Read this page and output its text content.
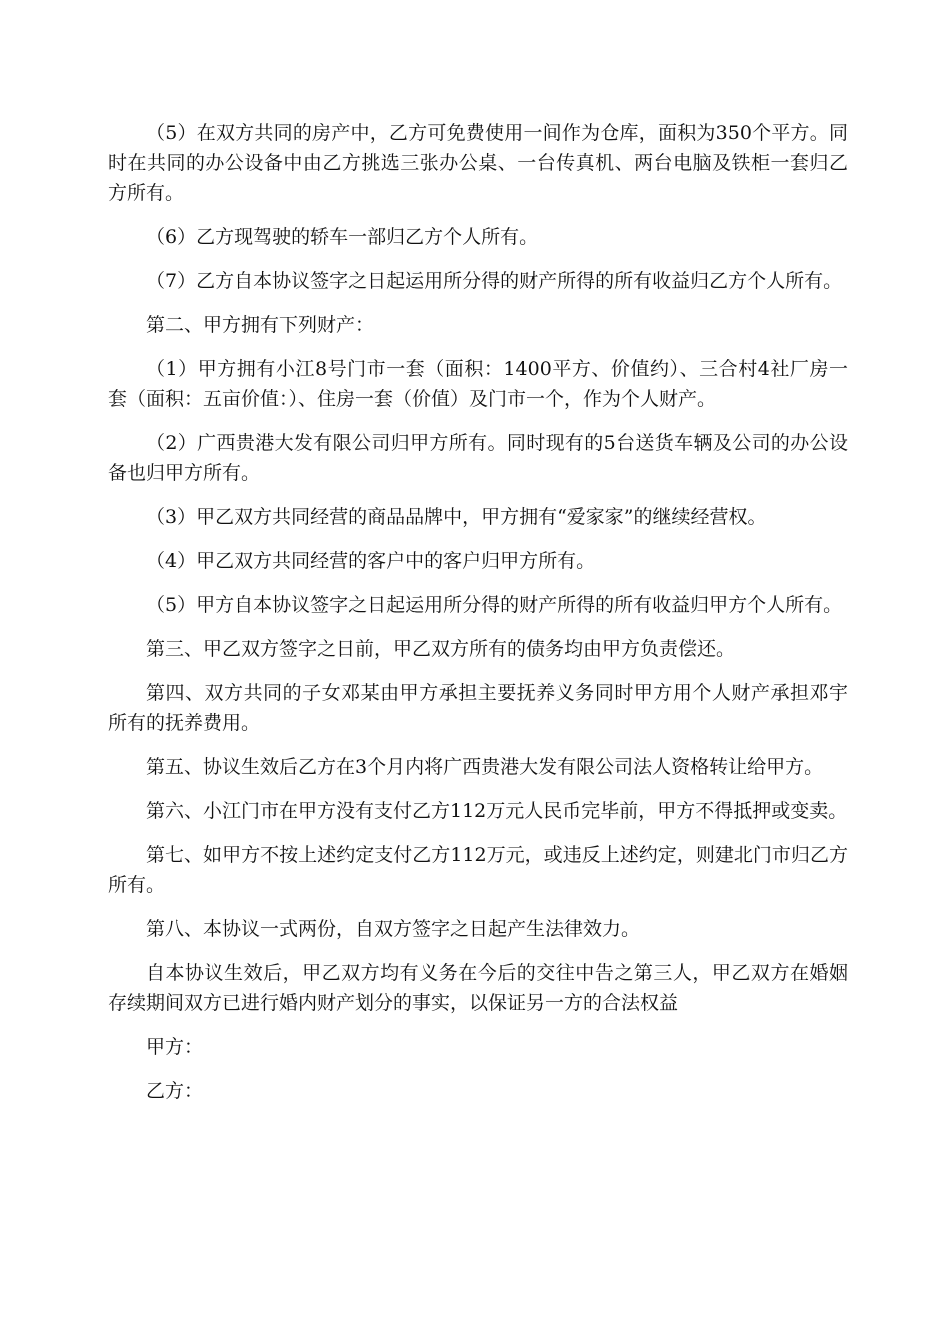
（5）在双方共同的房产中，乙方可免费使用一间作为仓库，面积为350个平方。同时在共同的办公设备中由乙方挑选三张办公桌、一台传真机、两台电脑及铁柜一套归乙方所有。

（6）乙方现驾驶的轿车一部归乙方个人所有。

（7）乙方自本协议签字之日起运用所分得的财产所得的所有收益归乙方个人所有。

第二、甲方拥有下列财产：

（1）甲方拥有小江8号门市一套（面积：1400平方、价值约）、三合村4社厂房一套（面积：五亩价值：）、住房一套（价值）及门市一个，作为个人财产。

（2）广西贵港大发有限公司归甲方所有。同时现有的5台送货车辆及公司的办公设备也归甲方所有。

（3）甲乙双方共同经营的商品品牌中，甲方拥有“爱家家”的继续经营权。

（4）甲乙双方共同经营的客户中的客户归甲方所有。

（5）甲方自本协议签字之日起运用所分得的财产所得的所有收益归甲方个人所有。

第三、甲乙双方签字之日前，甲乙双方所有的债务均由甲方负责偿还。

第四、双方共同的子女邓某由甲方承担主要抚养义务同时甲方用个人财产承担邓宇所有的抚养费用。

第五、协议生效后乙方在3个月内将广西贵港大发有限公司法人资格转让给甲方。

第六、小江门市在甲方没有支付乙方112万元人民币完毕前，甲方不得抵押或变卖。

第七、如甲方不按上述约定支付乙方112万元，或违反上述约定，则建北门市归乙方所有。

第八、本协议一式两份，自双方签字之日起产生法律效力。

自本协议生效后，甲乙双方均有义务在今后的交往中告之第三人，甲乙双方在婚姻存续期间双方已进行婚内财产划分的事实，以保证另一方的合法权益

甲方：

乙方：
